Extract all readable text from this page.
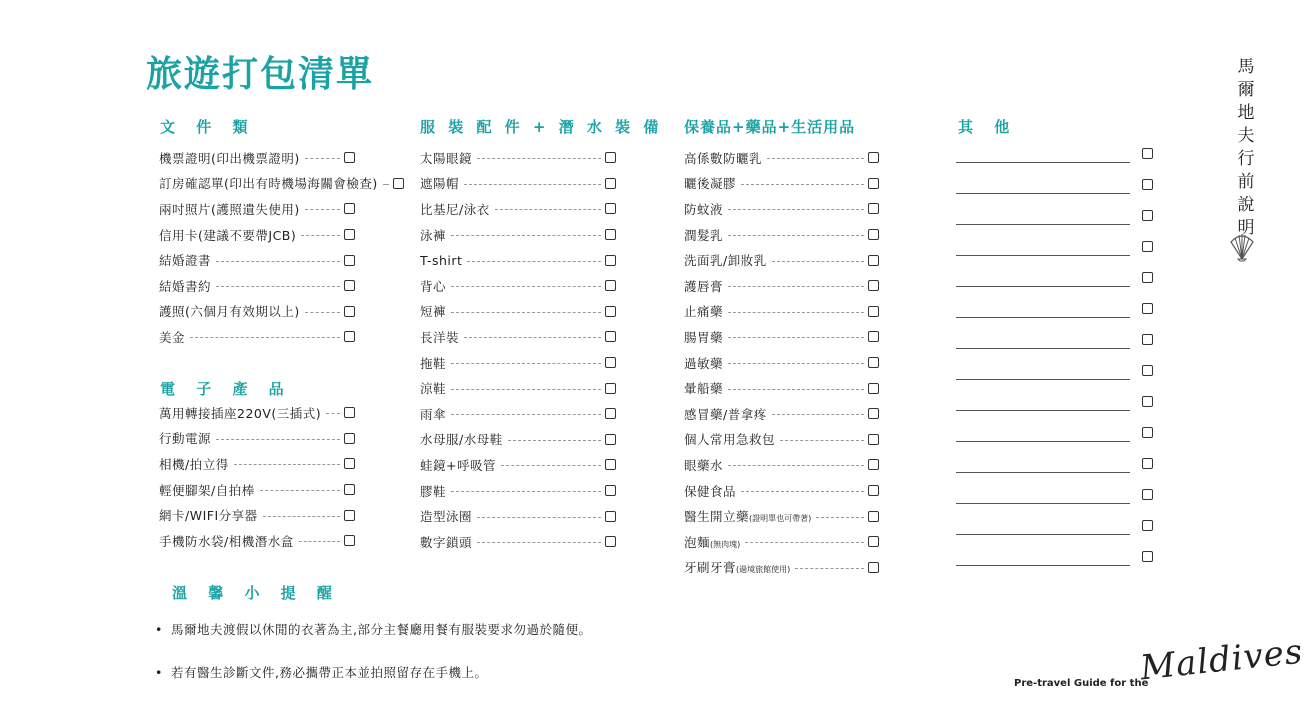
旅遊打包清單
文 件 類
機票證明(印出機票證明)
訂房確認單(印出有時機場海關會檢查)
兩吋照片(護照遺失使用)
信用卡(建議不要帶JCB)
結婚證書
結婚書約
護照(六個月有效期以上)
美金
電 子 產 品
萬用轉接插座220V(三插式)
行動電源
相機/拍立得
輕便腳架/自拍棒
網卡/WIFI分享器
手機防水袋/相機潛水盒
服 裝 配 件 + 潛 水 裝 備
太陽眼鏡
遮陽帽
比基尼/泳衣
泳褲
T-shirt
背心
短褲
長洋裝
拖鞋
涼鞋
雨傘
水母服/水母鞋
蛙鏡+呼吸管
膠鞋
造型泳圈
數字鎖頭
保養品+藥品+生活用品
高係數防曬乳
曬後凝膠
防蚊液
潤髮乳
洗面乳/卸妝乳
護唇膏
止痛藥
腸胃藥
過敏藥
暈船藥
感冒藥/普拿疼
個人常用急救包
眼藥水
保健食品
醫生開立藥(證明單也可帶著)
泡麵(無肉塊)
牙刷牙膏(過境旅館使用)
其 他
溫 馨 小 提 醒
• 馬爾地夫渡假以休閒的衣著為主,部分主餐廳用餐有服裝要求勿過於隨便。
• 若有醫生診斷文件,務必攜帶正本並拍照留存在手機上。
馬
爾
地
夫
行
前
說
明
Pre-travel Guide for the
Maldives
